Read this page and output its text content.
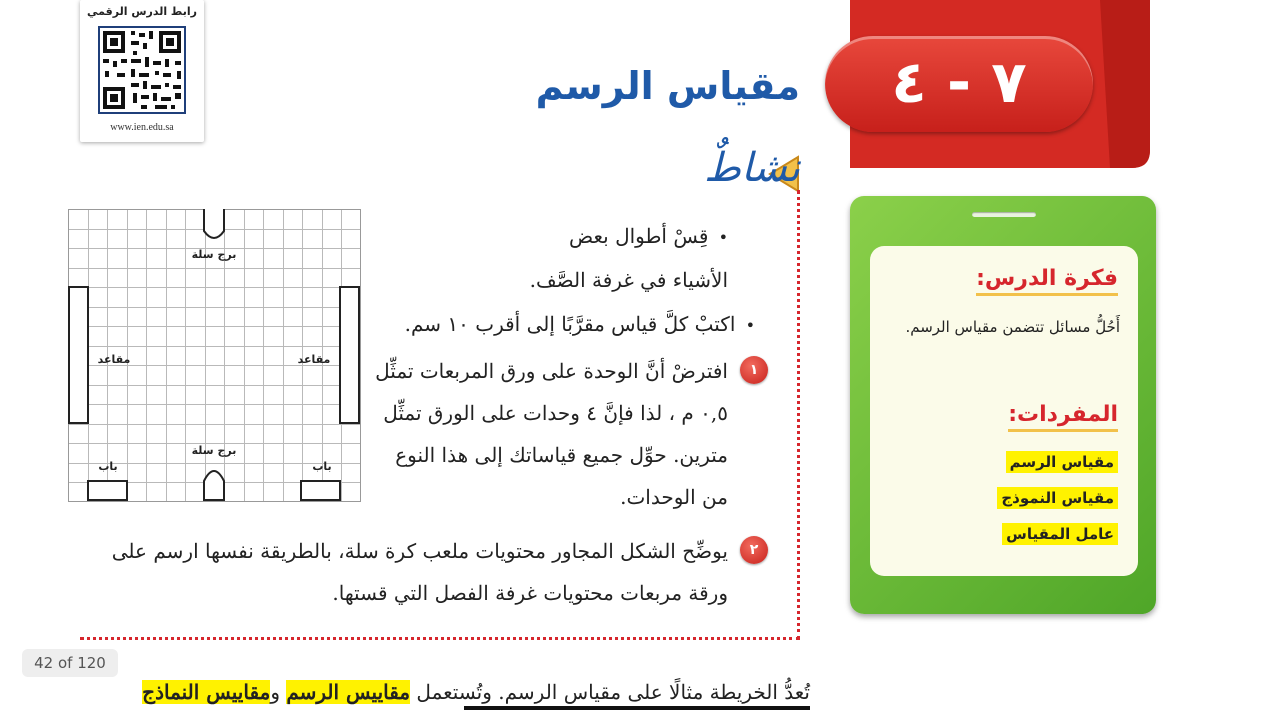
رابط الدرس الرقمي
www.ien.edu.sa
٧ - ٤
مقياس الرسم
نشاطٌ
•  قِسْ أطوال بعض الأشياء في غرفة الصَّف.
•  اكتبْ كلَّ قياس مقرَّبًا إلى أقرب ١٠ سم.
١
افترضْ أنَّ الوحدة على ورق المربعات تمثِّل ٠,٥ م ، لذا فإنَّ ٤ وحدات على الورق تمثِّل مترين. حوِّل جميع قياساتك إلى هذا النوع من الوحدات.
٢
يوضِّح الشكل المجاور محتويات ملعب كرة سلة، بالطريقة نفسها ارسم على ورقة مربعات محتويات غرفة الفصل التي قستها.
برج سلة
برج سلة
مقاعد	مقاعد
باب	باب
فكرة الدرس:
أَحُلُّ مسائل تتضمن مقياس الرسم.
المفردات:
مقياس الرسم
مقياس النموذج
عامل المقياس
42 of 120
تُعدُّ الخريطة مثالًا على مقياس الرسم. وتُستعمل مقاييس الرسم ومقاييس النماذج
